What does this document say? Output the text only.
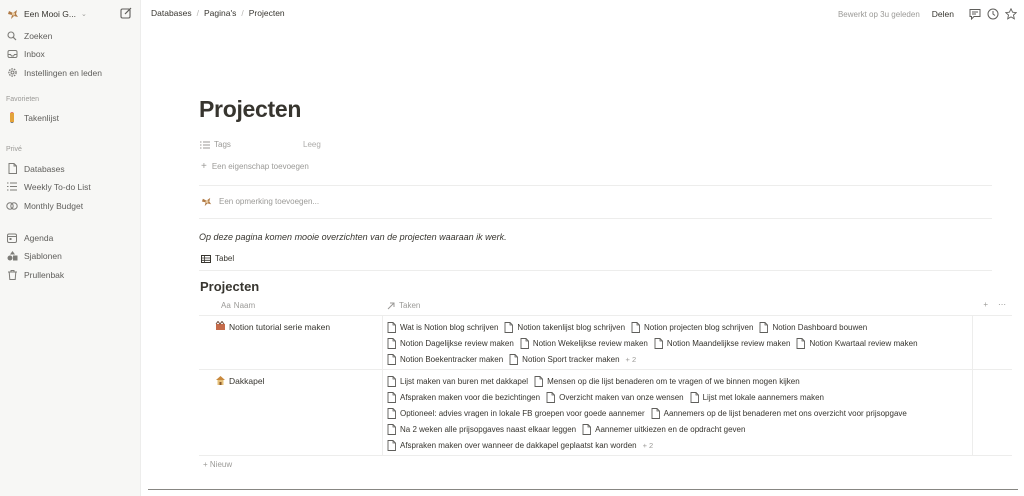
Een Mooi G... ⌄
Zoeken
Inbox
Instellingen en leden
Favorieten
Takenlijst
Privé
Databases
Weekly To-do List
Monthly Budget
Agenda
Sjablonen
Prullenbak
Databases / Pagina's / Projecten	Bewerkt op 3u geleden Delen
Projecten
Tags	Leeg
+ Een eigenschap toevoegen
Een opmerking toevoegen...
Op deze pagina komen mooie overzichten van de projecten waaraan ik werk.
Tabel
Projecten
Aa Naam	Taken	+ ⋯
Notion tutorial serie maken	Wat is Notion blog schrijven Notion takenlijst blog schrijven Notion projecten blog schrijven Notion Dashboard bouwen
Notion Dagelijkse review maken Notion Wekelijkse review maken Notion Maandelijkse review maken Notion Kwartaal review maken
Notion Boekentracker maken Notion Sport tracker maken + 2
Dakkapel	Lijst maken van buren met dakkapel Mensen op die lijst benaderen om te vragen of we binnen mogen kijken
Afspraken maken voor die bezichtingen Overzicht maken van onze wensen Lijst met lokale aannemers maken
Optioneel: advies vragen in lokale FB groepen voor goede aannemer Aannemers op de lijst benaderen met ons overzicht voor prijsopgave
Na 2 weken alle prijsopgaves naast elkaar leggen Aannemer uitkiezen en de opdracht geven
Afspraken maken over wanneer de dakkapel geplaatst kan worden + 2
+ Nieuw
